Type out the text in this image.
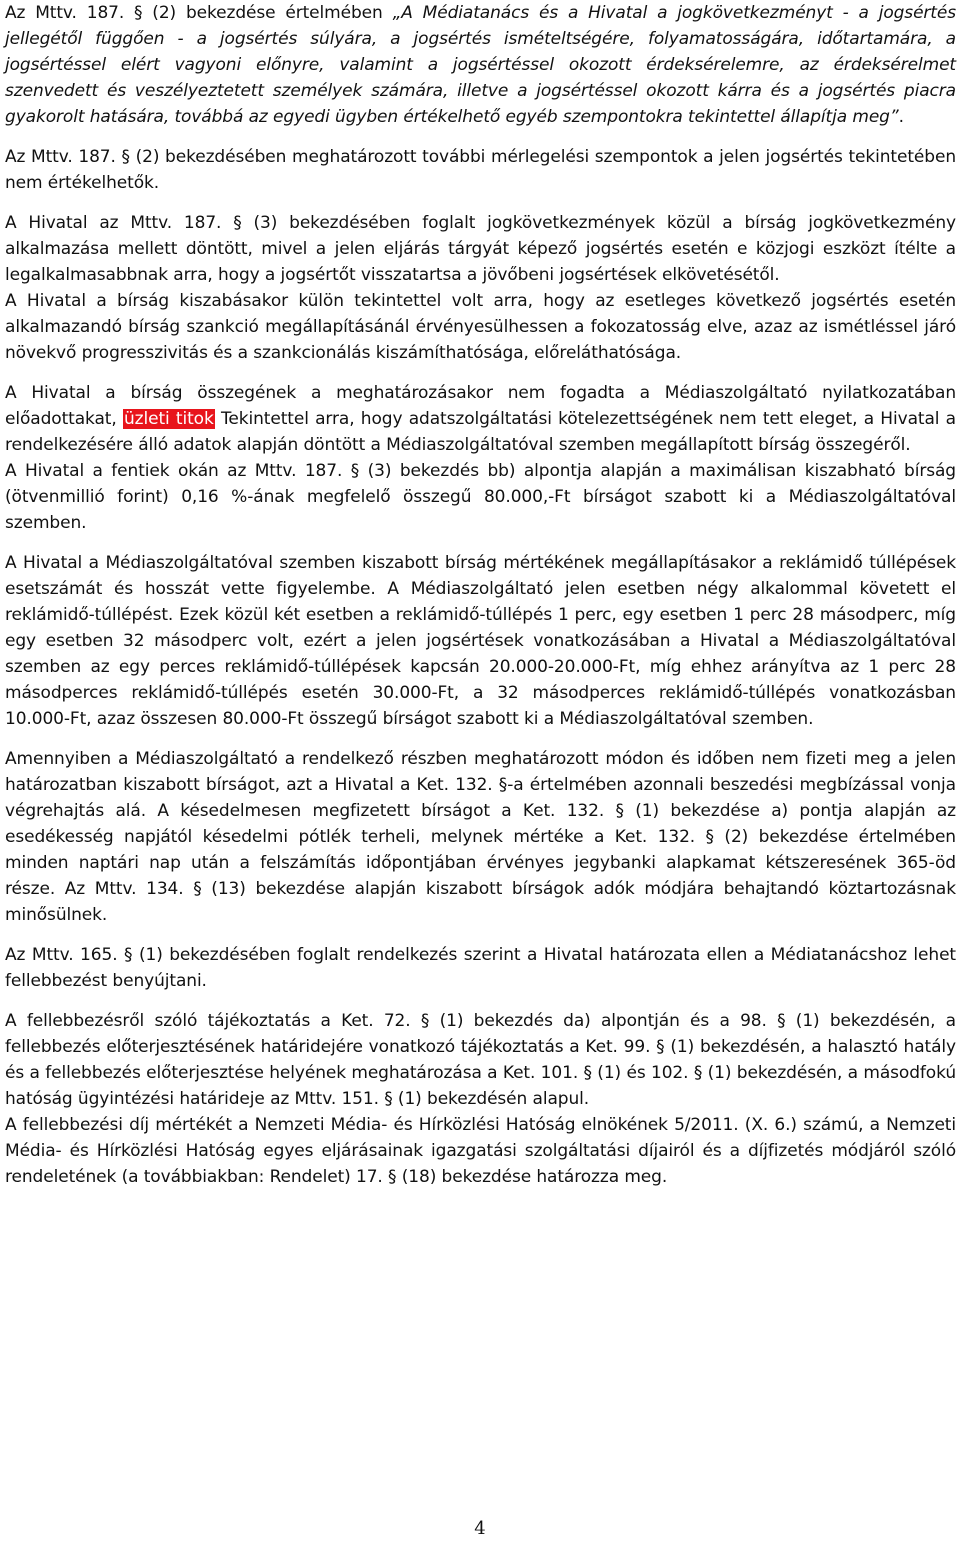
Az Mttv. 187. § (2) bekezdése értelmében „A Médiatanács és a Hivatal a jogkövetkezményt - a jogsértés jellegétől függően - a jogsértés súlyára, a jogsértés ismételtségére, folyamatosságára, időtartamára, a jogsértéssel elért vagyoni előnyre, valamint a jogsértéssel okozott érdeksérelemre, az érdeksérelmet szenvedett és veszélyeztetett személyek számára, illetve a jogsértéssel okozott kárra és a jogsértés piacra gyakorolt hatására, továbbá az egyedi ügyben értékelhető egyéb szempontokra tekintettel állapítja meg”.

Az Mttv. 187. § (2) bekezdésében meghatározott további mérlegelési szempontok a jelen jogsértés tekintetében nem értékelhetők.

A Hivatal az Mttv. 187. § (3) bekezdésében foglalt jogkövetkezmények közül a bírság jogkövetkezmény alkalmazása mellett döntött, mivel a jelen eljárás tárgyát képező jogsértés esetén e közjogi eszközt ítélte a legalkalmasabbnak arra, hogy a jogsértőt visszatartsa a jövőbeni jogsértések elkövetésétől.

A Hivatal a bírság kiszabásakor külön tekintettel volt arra, hogy az esetleges következő jogsértés esetén alkalmazandó bírság szankció megállapításánál érvényesülhessen a fokozatosság elve, azaz az ismétléssel járó növekvő progresszivitás és a szankcionálás kiszámíthatósága, előreláthatósága.

A Hivatal a bírság összegének a meghatározásakor nem fogadta a Médiaszolgáltató nyilatkozatában előadottakat, üzleti titok Tekintettel arra, hogy adatszolgáltatási kötelezettségének nem tett eleget, a Hivatal a rendelkezésére álló adatok alapján döntött a Médiaszolgáltatóval szemben megállapított bírság összegéről.

A Hivatal a fentiek okán az Mttv. 187. § (3) bekezdés bb) alpontja alapján a maximálisan kiszabható bírság (ötvenmillió forint) 0,16 %-ának megfelelő összegű 80.000,-Ft bírságot szabott ki a Médiaszolgáltatóval szemben.

A Hivatal a Médiaszolgáltatóval szemben kiszabott bírság mértékének megállapításakor a reklámidő túllépések esetszámát és hosszát vette figyelembe. A Médiaszolgáltató jelen esetben négy alkalommal követett el reklámidő-túllépést. Ezek közül két esetben a reklámidő-túllépés 1 perc, egy esetben 1 perc 28 másodperc, míg egy esetben 32 másodperc volt, ezért a jelen jogsértések vonatkozásában a Hivatal a Médiaszolgáltatóval szemben az egy perces reklámidő-túllépések kapcsán 20.000-20.000-Ft, míg ehhez arányítva az 1 perc 28 másodperces reklámidő-túllépés esetén 30.000-Ft, a 32 másodperces reklámidő-túllépés vonatkozásban 10.000-Ft, azaz összesen 80.000-Ft összegű bírságot szabott ki a Médiaszolgáltatóval szemben.

Amennyiben a Médiaszolgáltató a rendelkező részben meghatározott módon és időben nem fizeti meg a jelen határozatban kiszabott bírságot, azt a Hivatal a Ket. 132. §-a értelmében azonnali beszedési megbízással vonja végrehajtás alá. A késedelmesen megfizetett bírságot a Ket. 132. § (1) bekezdése a) pontja alapján az esedékesség napjától késedelmi pótlék terheli, melynek mértéke a Ket. 132. § (2) bekezdése értelmében minden naptári nap után a felszámítás időpontjában érvényes jegybanki alapkamat kétszeresének 365-öd része. Az Mttv. 134. § (13) bekezdése alapján kiszabott bírságok adók módjára behajtandó köztartozásnak minősülnek.

Az Mttv. 165. § (1) bekezdésében foglalt rendelkezés szerint a Hivatal határozata ellen a Médiatanácshoz lehet fellebbezést benyújtani.

A fellebbezésről szóló tájékoztatás a Ket. 72. § (1) bekezdés da) alpontján és a 98. § (1) bekezdésén, a fellebbezés előterjesztésének határidejére vonatkozó tájékoztatás a Ket. 99. § (1) bekezdésén, a halasztó hatály és a fellebbezés előterjesztése helyének meghatározása a Ket. 101. § (1) és 102. § (1) bekezdésén, a másodfokú hatóság ügyintézési határideje az Mttv. 151. § (1) bekezdésén alapul.

A fellebbezési díj mértékét a Nemzeti Média- és Hírközlési Hatóság elnökének 5/2011. (X. 6.) számú, a Nemzeti Média- és Hírközlési Hatóság egyes eljárásainak igazgatási szolgáltatási díjairól és a díjfizetés módjáról szóló rendeletének (a továbbiakban: Rendelet) 17. § (18) bekezdése határozza meg.

4
